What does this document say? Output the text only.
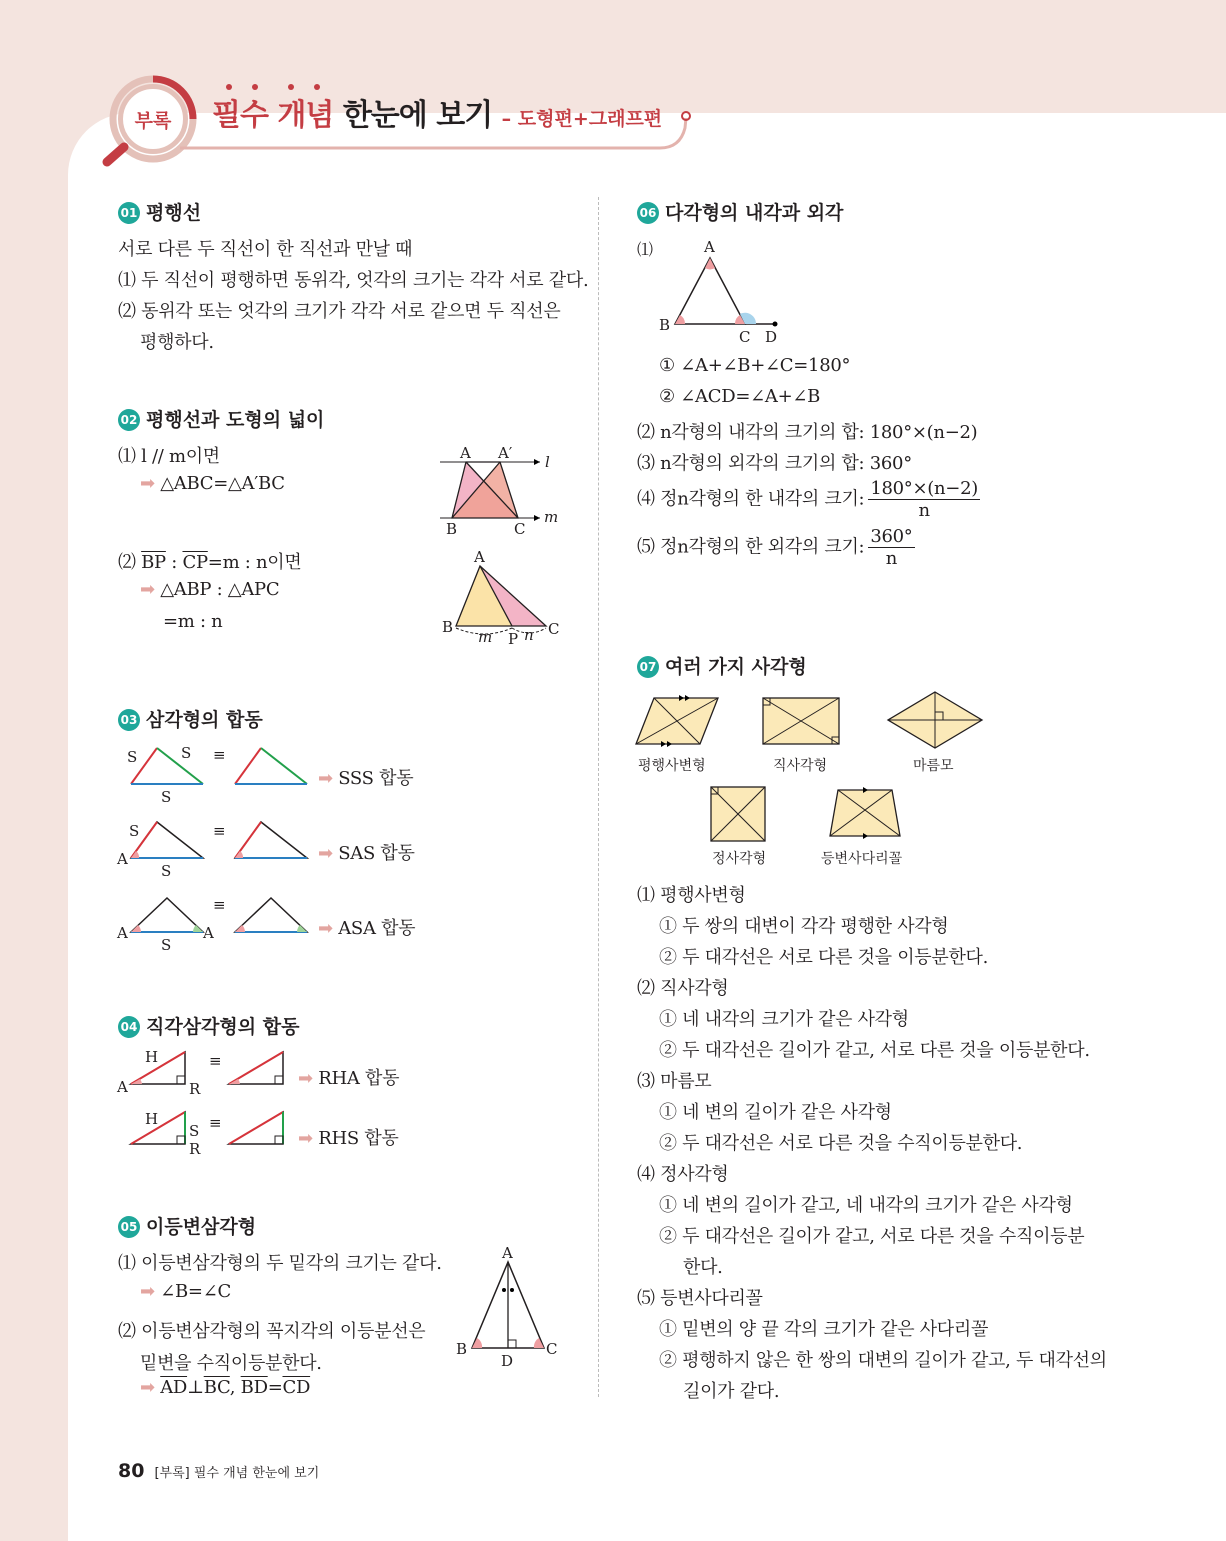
부록	필수 개념 한눈에 보기 – 도형편+그래프편
01 평행선
서로 다른 두 직선이 한 직선과 만날 때
⑴ 두 직선이 평행하면 동위각, 엇각의 크기는 각각 서로 같다.
⑵ 동위각 또는 엇각의 크기가 각각 서로 같으면 두 직선은
평행하다.
02 평행선과 도형의 넓이
⑴ l // m이면
➡ △ABC=△A′BC
⑵ $\overline{BP}$ : $\overline{CP}=m$ : n이면
➡ △ABP : △APC
=m : n
A A′ l
B	C
m
A
B	C
P
m n
03 삼각형의 합동
S	S
S
≡
➡ SSS 합동
S
A
S
≡
➡ SAS 합동
A	A
S
≡
➡ ASA 합동
04 직각삼각형의 합동
H
A	R
≡
➡ RHA 합동
H
S
R
≡
➡ RHS 합동
05 이등변삼각형
⑴ 이등변삼각형의 두 밑각의 크기는 같다.
➡ ∠B=∠C
⑵ 이등변삼각형의 꼭지각의 이등분선은
밑변을 수직이등분한다.
➡ $\overline{AD}\perp\overline{BC}$, $\overline{BD}=\overline{CD}$
A
B	C
D
06 다각형의 내각과 외각
⑴	A
B
C D
① ∠A+∠B+∠C=180°
② ∠ACD=∠A+∠B
⑵ n각형의 내각의 크기의 합: 180°×(n−2)
⑶ n각형의 외각의 크기의 합: 360°
⑷ 정n각형의 한 내각의 크기: $\frac{180^\circ\times(n-2)}{n}$
⑸ 정n각형의 한 외각의 크기: $\frac{360^\circ}{n}$
07 여러 가지 사각형
평행사변형	직사각형	마름모
정사각형	등변사다리꼴
⑴ 평행사변형
① 두 쌍의 대변이 각각 평행한 사각형
② 두 대각선은 서로 다른 것을 이등분한다.
⑵ 직사각형
① 네 내각의 크기가 같은 사각형
② 두 대각선은 길이가 같고, 서로 다른 것을 이등분한다.
⑶ 마름모
① 네 변의 길이가 같은 사각형
② 두 대각선은 서로 다른 것을 수직이등분한다.
⑷ 정사각형
① 네 변의 길이가 같고, 네 내각의 크기가 같은 사각형
② 두 대각선은 길이가 같고, 서로 다른 것을 수직이등분
한다.
⑸ 등변사다리꼴
① 밑변의 양 끝 각의 크기가 같은 사다리꼴
② 평행하지 않은 한 쌍의 대변의 길이가 같고, 두 대각선의
길이가 같다.
80 [부록] 필수 개념 한눈에 보기
